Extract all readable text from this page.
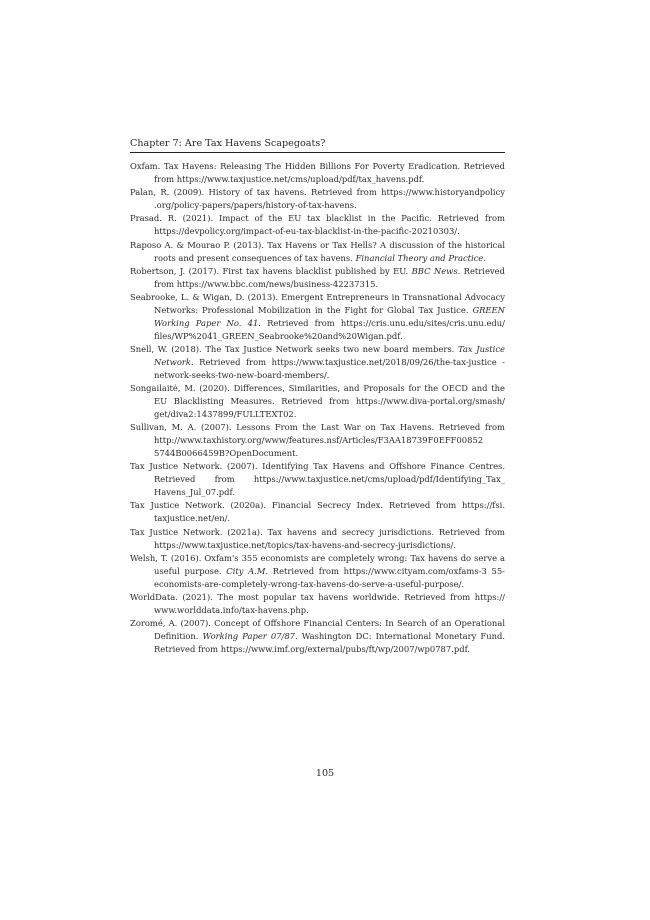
Chapter 7: Are Tax Havens Scapegoats?
Oxfam. Tax Havens: Releasing The Hidden Billions For Poverty Eradication. Retrieved from https://www.taxjustice.net/cms/upload/pdf/tax_havens.pdf.
Palan, R. (2009). History of tax havens. Retrieved from https://www.historyandpolicy .org/policy-papers/papers/history-of-tax-havens.
Prasad. R. (2021). Impact of the EU tax blacklist in the Pacific. Retrieved from https://devpolicy.org/impact-of-eu-tax-blacklist-in-the-pacific-20210303/.
Raposo A. & Mourao P. (2013). Tax Havens or Tax Hells? A discussion of the historical roots and present consequences of tax havens. Financial Theory and Practice.
Robertson, J. (2017). First tax havens blacklist published by EU. BBC News. Retrieved from https://www.bbc.com/news/business-42237315.
Seabrooke, L. & Wigan, D. (2013). Emergent Entrepreneurs in Transnational Advocacy Networks: Professional Mobilization in the Fight for Global Tax Justice. GREEN Working Paper No. 41. Retrieved from https://cris.unu.edu/sites/cris.unu.edu/ files/WP%2041_GREEN_Seabrooke%20and%20Wigan.pdf.
Snell, W. (2018). The Tax Justice Network seeks two new board members. Tax Justice Network. Retrieved from https://www.taxjustice.net/2018/09/26/the-tax-justice -network-seeks-two-new-board-members/.
Songailaitė, M. (2020). Differences, Similarities, and Proposals for the OECD and the EU Blacklisting Measures. Retrieved from https://www.diva-portal.org/smash/ get/diva2:1437899/FULLTEXT02.
Sullivan, M. A. (2007). Lessons From the Last War on Tax Havens. Retrieved from http://www.taxhistory.org/www/features.nsf/Articles/F3AA18739F0EFF00852 5744B0066459B?OpenDocument.
Tax Justice Network. (2007). Identifying Tax Havens and Offshore Finance Centres. Retrieved from https://www.taxjustice.net/cms/upload/pdf/Identifying_Tax_ Havens_Jul_07.pdf.
Tax Justice Network. (2020a). Financial Secrecy Index. Retrieved from https://fsi. taxjustice.net/en/.
Tax Justice Network. (2021a). Tax havens and secrecy jurisdictions. Retrieved from https://www.taxjustice.net/topics/tax-havens-and-secrecy-jurisdictions/.
Welsh, T. (2016). Oxfam's 355 economists are completely wrong: Tax havens do serve a useful purpose. City A.M. Retrieved from https://www.cityam.com/oxfams-3 55-economists-are-completely-wrong-tax-havens-do-serve-a-useful-purpose/.
WorldData. (2021). The most popular tax havens worldwide. Retrieved from https:// www.worlddata.info/tax-havens.php.
Zoromé, A. (2007). Concept of Offshore Financial Centers: In Search of an Operational Definition. Working Paper 07/87. Washington DC: International Monetary Fund. Retrieved from https://www.imf.org/external/pubs/ft/wp/2007/wp0787.pdf.
105
